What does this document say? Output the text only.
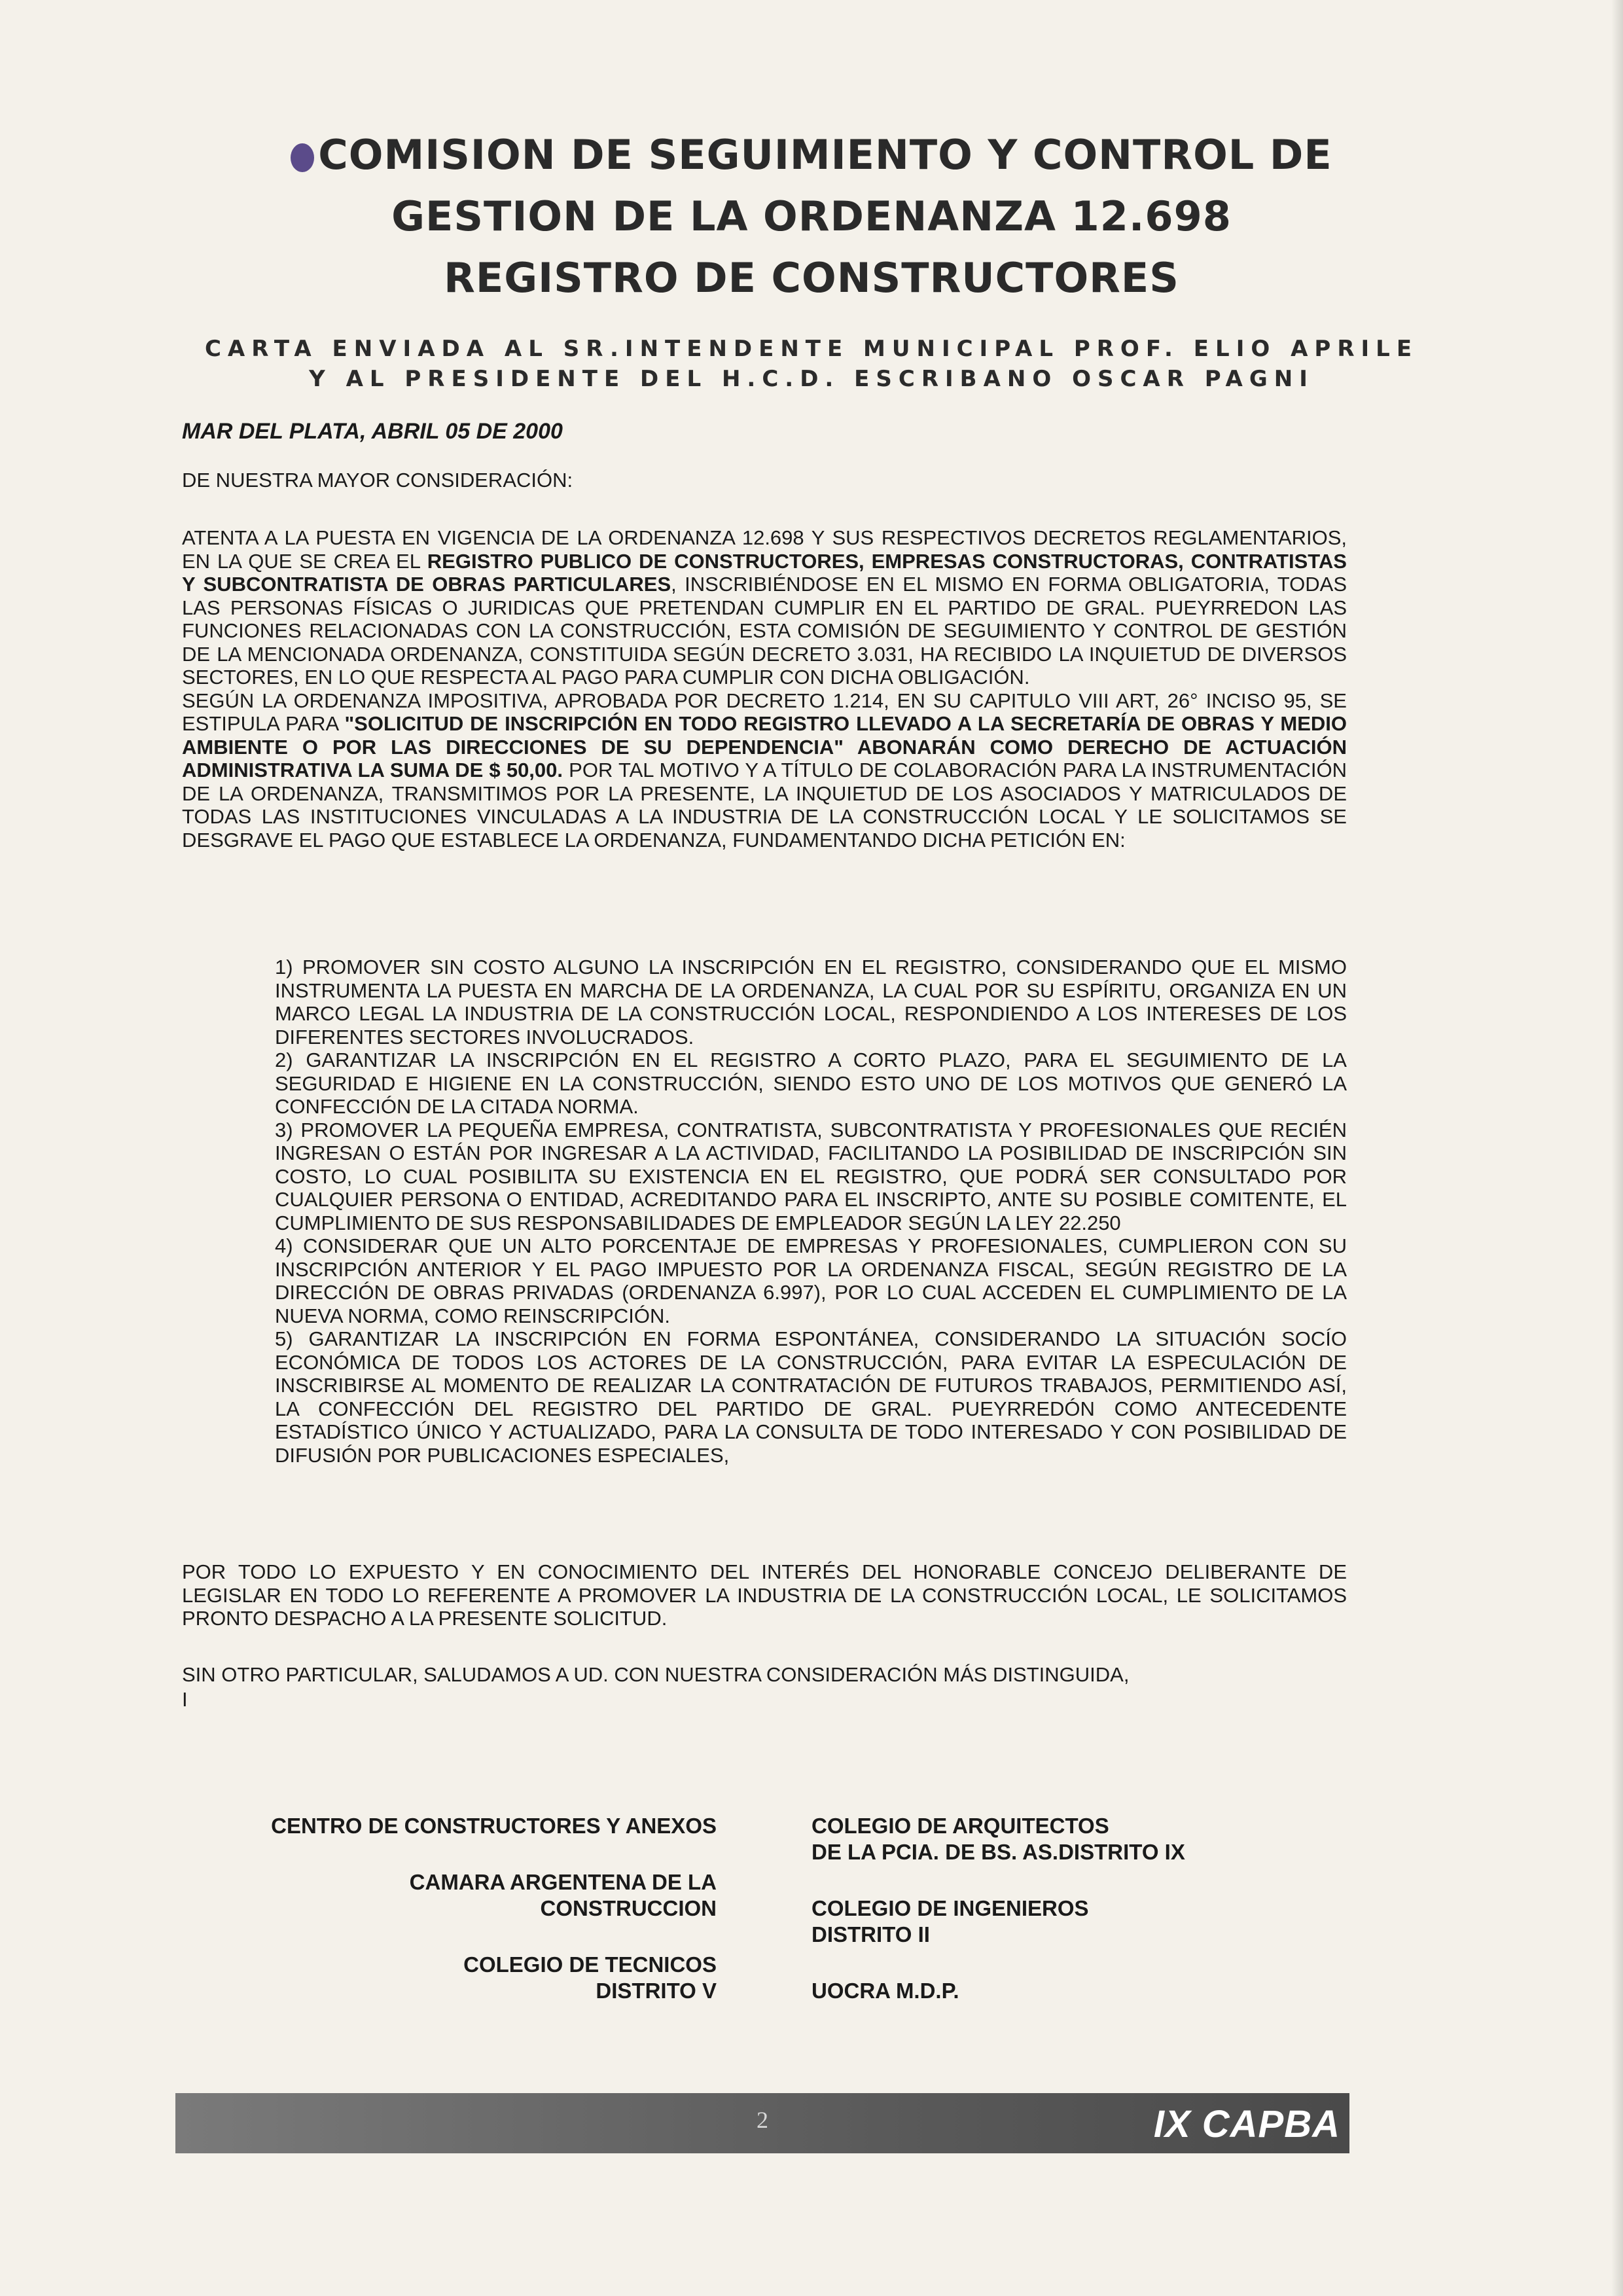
COMISION DE SEGUIMIENTO Y CONTROL DE
GESTION DE LA ORDENANZA 12.698
REGISTRO DE CONSTRUCTORES
CARTA ENVIADA AL SR.INTENDENTE MUNICIPAL PROF. ELIO APRILE
Y AL PRESIDENTE DEL H.C.D. ESCRIBANO OSCAR PAGNI
MAR DEL PLATA, ABRIL 05 DE 2000
DE NUESTRA MAYOR CONSIDERACIÓN:

ATENTA A LA PUESTA EN VIGENCIA DE LA ORDENANZA 12.698 Y SUS RESPECTIVOS DECRETOS REGLAMENTARIOS, EN LA QUE SE CREA EL REGISTRO PUBLICO DE CONSTRUCTORES, EMPRESAS CONSTRUCTORAS, CONTRATISTAS Y SUBCONTRATISTA DE OBRAS PARTICULARES, INSCRIBIÉNDOSE EN EL MISMO EN FORMA OBLIGATORIA, TODAS LAS PERSONAS FÍSICAS O JURIDICAS QUE PRETENDAN CUMPLIR EN EL PARTIDO DE GRAL. PUEYRREDON LAS FUNCIONES RELACIONADAS CON LA CONSTRUCCIÓN, ESTA COMISIÓN DE SEGUIMIENTO Y CONTROL DE GESTIÓN DE LA MENCIONADA ORDENANZA, CONSTITUIDA SEGÚN DECRETO 3.031, HA RECIBIDO LA INQUIETUD DE DIVERSOS SECTORES, EN LO QUE RESPECTA AL PAGO PARA CUMPLIR CON DICHA OBLIGACIÓN.

SEGÚN LA ORDENANZA IMPOSITIVA, APROBADA POR DECRETO 1.214, EN SU CAPITULO VIII ART, 26° INCISO 95, SE ESTIPULA PARA "SOLICITUD DE INSCRIPCIÓN EN TODO REGISTRO LLEVADO A LA SECRETARÍA DE OBRAS Y MEDIO AMBIENTE O POR LAS DIRECCIONES DE SU DEPENDENCIA" ABONARÁN COMO DERECHO DE ACTUACIÓN ADMINISTRATIVA LA SUMA DE $ 50,00. POR TAL MOTIVO Y A TÍTULO DE COLABORACIÓN PARA LA INSTRUMENTACIÓN DE LA ORDENANZA, TRANSMITIMOS POR LA PRESENTE, LA INQUIETUD DE LOS ASOCIADOS Y MATRICULADOS DE TODAS LAS INSTITUCIONES VINCULADAS A LA INDUSTRIA DE LA CONSTRUCCIÓN LOCAL Y LE SOLICITAMOS SE DESGRAVE EL PAGO QUE ESTABLECE LA ORDENANZA, FUNDAMENTANDO DICHA PETICIÓN EN:

1) PROMOVER SIN COSTO ALGUNO LA INSCRIPCIÓN EN EL REGISTRO, CONSIDERANDO QUE EL MISMO INSTRUMENTA LA PUESTA EN MARCHA DE LA ORDENANZA, LA CUAL POR SU ESPÍRITU, ORGANIZA EN UN MARCO LEGAL LA INDUSTRIA DE LA CONSTRUCCIÓN LOCAL, RESPONDIENDO A LOS INTERESES DE LOS DIFERENTES SECTORES INVOLUCRADOS.

2) GARANTIZAR LA INSCRIPCIÓN EN EL REGISTRO A CORTO PLAZO, PARA EL SEGUIMIENTO DE LA SEGURIDAD E HIGIENE EN LA CONSTRUCCIÓN, SIENDO ESTO UNO DE LOS MOTIVOS QUE GENERÓ LA CONFECCIÓN DE LA CITADA NORMA.

3) PROMOVER LA PEQUEÑA EMPRESA, CONTRATISTA, SUBCONTRATISTA Y PROFESIONALES QUE RECIÉN INGRESAN O ESTÁN POR INGRESAR A LA ACTIVIDAD, FACILITANDO LA POSIBILIDAD DE INSCRIPCIÓN SIN COSTO, LO CUAL POSIBILITA SU EXISTENCIA EN EL REGISTRO, QUE PODRÁ SER CONSULTADO POR CUALQUIER PERSONA O ENTIDAD, ACREDITANDO PARA EL INSCRIPTO, ANTE SU POSIBLE COMITENTE, EL CUMPLIMIENTO DE SUS RESPONSABILIDADES DE EMPLEADOR SEGÚN LA LEY 22.250

4) CONSIDERAR QUE UN ALTO PORCENTAJE DE EMPRESAS Y PROFESIONALES, CUMPLIERON CON SU INSCRIPCIÓN ANTERIOR Y EL PAGO IMPUESTO POR LA ORDENANZA FISCAL, SEGÚN REGISTRO DE LA DIRECCIÓN DE OBRAS PRIVADAS (ORDENANZA 6.997), POR LO CUAL ACCEDEN EL CUMPLIMIENTO DE LA NUEVA NORMA, COMO REINSCRIPCIÓN.

5) GARANTIZAR LA INSCRIPCIÓN EN FORMA ESPONTÁNEA, CONSIDERANDO LA SITUACIÓN SOCÍO ECONÓMICA DE TODOS LOS ACTORES DE LA CONSTRUCCIÓN, PARA EVITAR LA ESPECULACIÓN DE INSCRIBIRSE AL MOMENTO DE REALIZAR LA CONTRATACIÓN DE FUTUROS TRABAJOS, PERMITIENDO ASÍ, LA CONFECCIÓN DEL REGISTRO DEL PARTIDO DE GRAL. PUEYRREDÓN COMO ANTECEDENTE ESTADÍSTICO ÚNICO Y ACTUALIZADO, PARA LA CONSULTA DE TODO INTERESADO Y CON POSIBILIDAD DE DIFUSIÓN POR PUBLICACIONES ESPECIALES,

POR TODO LO EXPUESTO Y EN CONOCIMIENTO DEL INTERÉS DEL HONORABLE CONCEJO DELIBERANTE DE LEGISLAR EN TODO LO REFERENTE A PROMOVER LA INDUSTRIA DE LA CONSTRUCCIÓN LOCAL, LE SOLICITAMOS PRONTO DESPACHO A LA PRESENTE SOLICITUD.

SIN OTRO PARTICULAR, SALUDAMOS A UD. CON NUESTRA CONSIDERACIÓN MÁS DISTINGUIDA,
I
CENTRO DE CONSTRUCTORES Y ANEXOS
CAMARA ARGENTENA DE LA
CONSTRUCCION
COLEGIO DE TECNICOS
DISTRITO V
COLEGIO DE ARQUITECTOS
DE LA PCIA. DE BS. AS.DISTRITO IX
COLEGIO DE INGENIEROS
DISTRITO II
UOCRA M.D.P.
2	IX CAPBA
